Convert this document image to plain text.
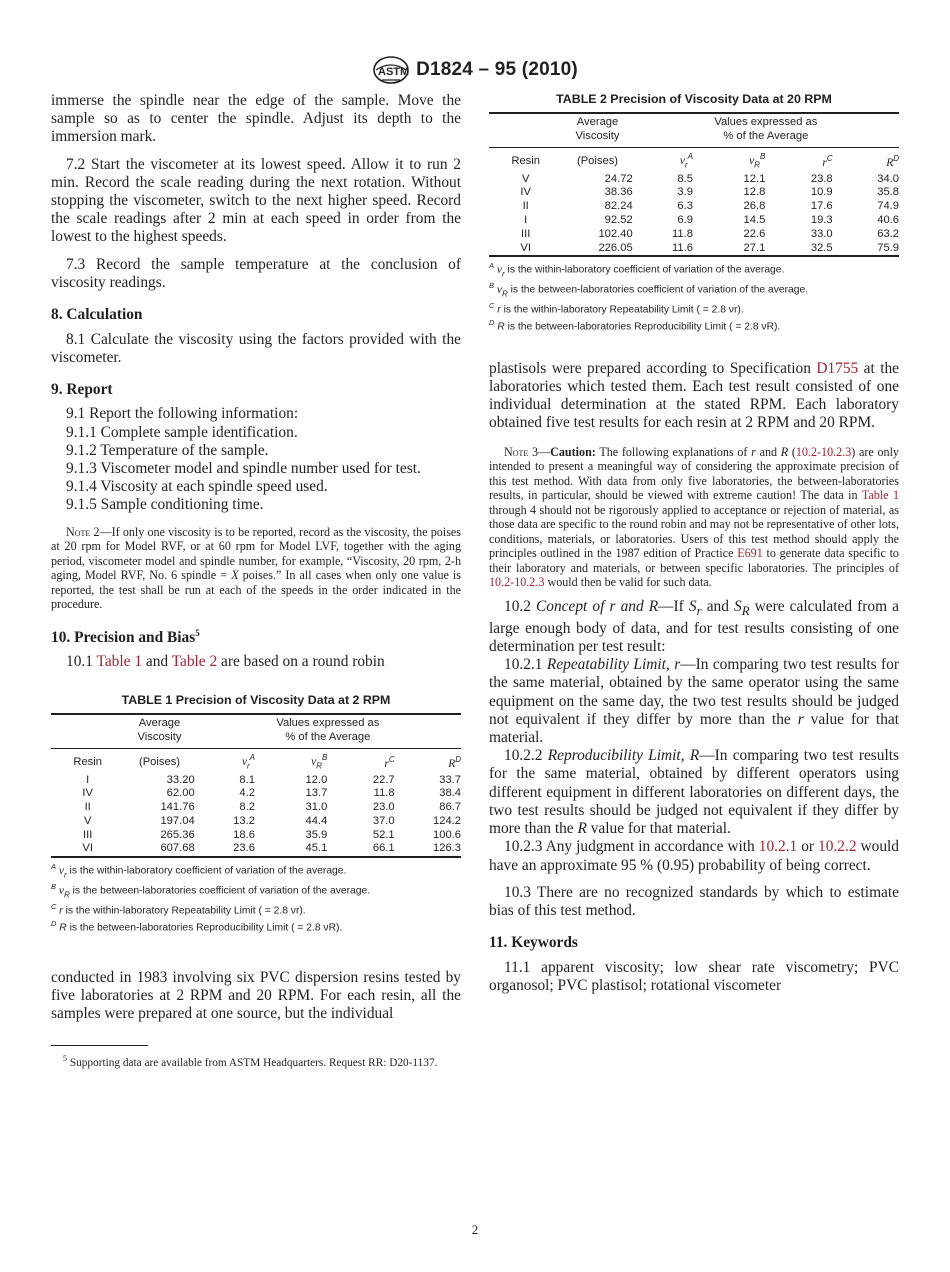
ASTM D1824 – 95 (2010)

immerse the spindle near the edge of the sample. Move the sample so as to center the spindle. Adjust its depth to the immersion mark.

7.2 Start the viscometer at its lowest speed. Allow it to run 2 min. Record the scale reading during the next rotation. Without stopping the viscometer, switch to the next higher speed. Record the scale readings after 2 min at each speed in order from the lowest to the highest speeds.

7.3 Record the sample temperature at the conclusion of viscosity readings.

8. Calculation

8.1 Calculate the viscosity using the factors provided with the viscometer.

9. Report

9.1 Report the following information:

9.1.1 Complete sample identification.

9.1.2 Temperature of the sample.

9.1.3 Viscometer model and spindle number used for test.

9.1.4 Viscosity at each spindle speed used.

9.1.5 Sample conditioning time.

Note 2—If only one viscosity is to be reported, record as the viscosity, the poises at 20 rpm for Model RVF, or at 60 rpm for Model LVF, together with the aging period, viscometer model and spindle number, for example, “Viscosity, 20 rpm, 2-h aging, Model RVF, No. 6 spindle = X poises.” In all cases when only one value is reported, the test shall be run at each of the speeds in the order indicated in the procedure.

10. Precision and Bias$^5$

10.1 Table 1 and Table 2 are based on a round robin

TABLE 1 Precision of Viscosity Data at 2 RPM

	Average	Values expressed as			
	Viscosity	% of the Average			
Resin	(Poises)	$\nu_r^A$	$\nu_R^B$	$r^C$	$R^D$
I	33.20	8.1	12.0	22.7	33.7
IV	62.00	4.2	13.7	11.8	38.4
II	141.76	8.2	31.0	23.0	86.7
V	197.04	13.2	44.4	37.0	124.2
III	265.36	18.6	35.9	52.1	100.6
VI	607.68	23.6	45.1	66.1	126.3

$^A$ $\nu_r$ is the within-laboratory coefficient of variation of the average.

$^B$ $\nu_R$ is the between-laboratories coefficient of variation of the average.

$^C$ r is the within-laboratory Repeatability Limit ( = 2.8 νr).

$^D$ R is the between-laboratories Reproducibility Limit ( = 2.8 νR).

conducted in 1983 involving six PVC dispersion resins tested by five laboratories at 2 RPM and 20 RPM. For each resin, all the samples were prepared at one source, but the individual

$^5$ Supporting data are available from ASTM Headquarters. Request RR: D20-1137.

TABLE 2 Precision of Viscosity Data at 20 RPM

	Average	Values expressed as			
	Viscosity	% of the Average			
Resin	(Poises)	$\nu_r^A$	$\nu_R^B$	$r^C$	$R^D$
V	24.72	8.5	12.1	23.8	34.0
IV	38.36	3.9	12.8	10.9	35.8
II	82.24	6.3	26.8	17.6	74.9
I	92.52	6.9	14.5	19.3	40.6
III	102.40	11.8	22.6	33.0	63.2
VI	226.05	11.6	27.1	32.5	75.9

$^A$ $\nu_r$ is the within-laboratory coefficient of variation of the average.

$^B$ $\nu_R$ is the between-laboratories coefficient of variation of the average.

$^C$ r is the within-laboratory Repeatability Limit ( = 2.8 νr).

$^D$ R is the between-laboratories Reproducibility Limit ( = 2.8 νR).

plastisols were prepared according to Specification D1755 at the laboratories which tested them. Each test result consisted of one individual determination at the stated RPM. Each laboratory obtained five test results for each resin at 2 RPM and 20 RPM.

Note 3—Caution: The following explanations of r and R (10.2-10.2.3) are only intended to present a meaningful way of considering the approximate precision of this test method. With data from only five laboratories, the between-laboratories results, in particular, should be viewed with extreme caution! The data in Table 1 through 4 should not be rigorously applied to acceptance or rejection of material, as those data are specific to the round robin and may not be representative of other lots, conditions, materials, or laboratories. Users of this test method should apply the principles outlined in the 1987 edition of Practice E691 to generate data specific to their laboratory and materials, or between specific laboratories. The principles of 10.2-10.2.3 would then be valid for such data.

10.2 Concept of r and R—If $S_r$ and $S_R$ were calculated from a large enough body of data, and for test results consisting of one determination per test result:

10.2.1 Repeatability Limit, r—In comparing two test results for the same material, obtained by the same operator using the same equipment on the same day, the two test results should be judged not equivalent if they differ by more than the r value for that material.

10.2.2 Reproducibility Limit, R—In comparing two test results for the same material, obtained by different operators using different equipment in different laboratories on different days, the two test results should be judged not equivalent if they differ by more than the R value for that material.

10.2.3 Any judgment in accordance with 10.2.1 or 10.2.2 would have an approximate 95 % (0.95) probability of being correct.

10.3 There are no recognized standards by which to estimate bias of this test method.

11. Keywords

11.1 apparent viscosity; low shear rate viscometry; PVC organosol; PVC plastisol; rotational viscometer

2
